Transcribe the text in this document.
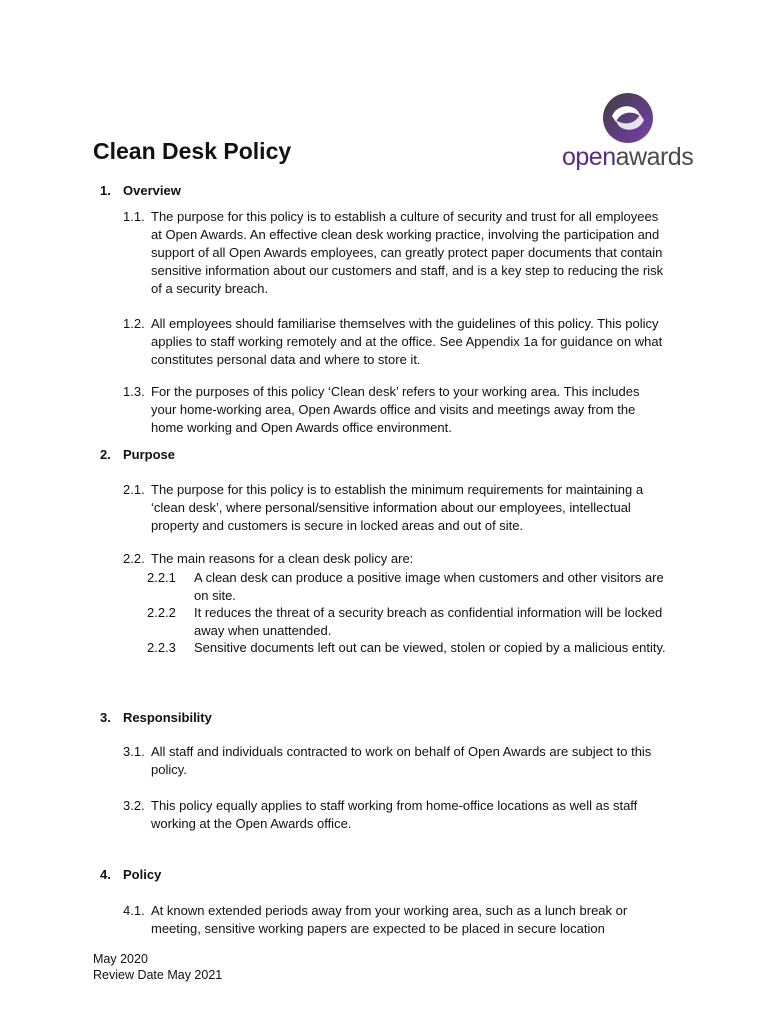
Clean Desk Policy	openawards
1. Overview
1.1. The purpose for this policy is to establish a culture of security and trust for all employees at Open Awards. An effective clean desk working practice, involving the participation and support of all Open Awards employees, can greatly protect paper documents that contain sensitive information about our customers and staff, and is a key step to reducing the risk of a security breach.
1.2. All employees should familiarise themselves with the guidelines of this policy. This policy applies to staff working remotely and at the office. See Appendix 1a for guidance on what constitutes personal data and where to store it.
1.3. For the purposes of this policy ‘Clean desk’ refers to your working area. This includes your home-working area, Open Awards office and visits and meetings away from the home working and Open Awards office environment.
2. Purpose
2.1. The purpose for this policy is to establish the minimum requirements for maintaining a ‘clean desk’, where personal/sensitive information about our employees, intellectual property and customers is secure in locked areas and out of site.
2.2. The main reasons for a clean desk policy are:
2.2.1	A clean desk can produce a positive image when customers and other visitors are on site.
2.2.2	It reduces the threat of a security breach as confidential information will be locked away when unattended.
2.2.3	Sensitive documents left out can be viewed, stolen or copied by a malicious entity.
3. Responsibility
3.1. All staff and individuals contracted to work on behalf of Open Awards are subject to this policy.
3.2. This policy equally applies to staff working from home-office locations as well as staff working at the Open Awards office.
4. Policy
4.1. At known extended periods away from your working area, such as a lunch break or meeting, sensitive working papers are expected to be placed in secure location
May 2020
Review Date May 2021
